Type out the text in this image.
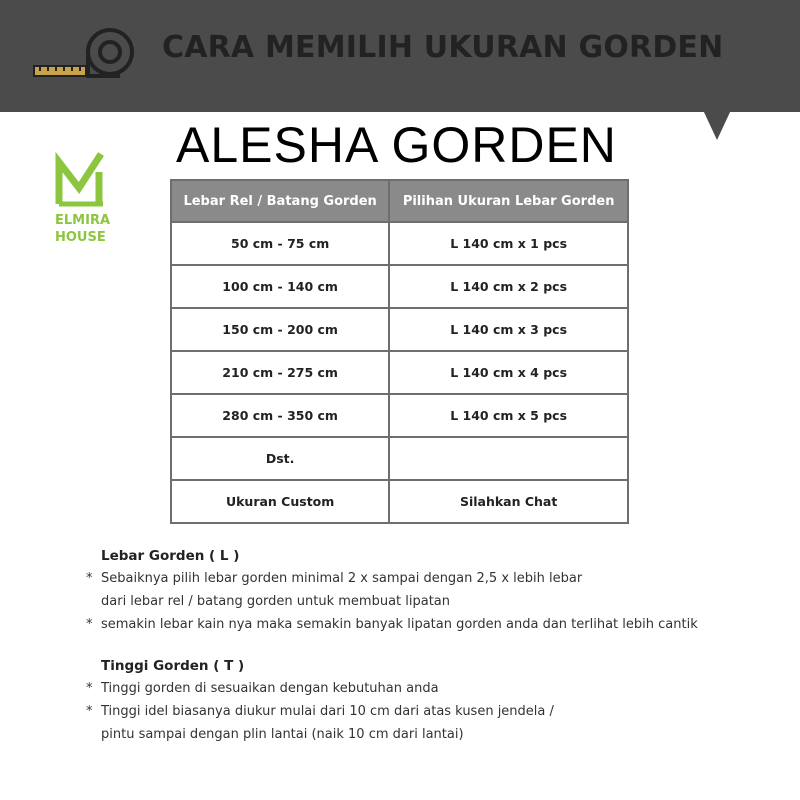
CARA MEMILIH UKURAN GORDEN
ALESHA GORDEN
ELMIRA
HOUSE
Lebar Rel / Batang Gorden	Pilihan Ukuran Lebar Gorden
50 cm - 75 cm	L 140 cm x 1 pcs
100 cm - 140 cm	L 140 cm x 2 pcs
150 cm - 200 cm	L 140 cm x 3 pcs
210 cm - 275 cm	L 140 cm x 4 pcs
280 cm - 350 cm	L 140 cm x 5 pcs
Dst.	
Ukuran Custom	Silahkan Chat
Lebar Gorden ( L )
* Sebaiknya pilih lebar gorden minimal 2 x sampai dengan 2,5 x lebih lebar
dari lebar rel / batang gorden untuk membuat lipatan
* semakin lebar kain nya maka semakin banyak lipatan gorden anda dan terlihat lebih cantik
Tinggi Gorden ( T )
* Tinggi gorden di sesuaikan dengan kebutuhan anda
* Tinggi idel biasanya diukur mulai dari 10 cm dari atas kusen jendela /
pintu sampai dengan plin lantai (naik 10 cm dari lantai)
